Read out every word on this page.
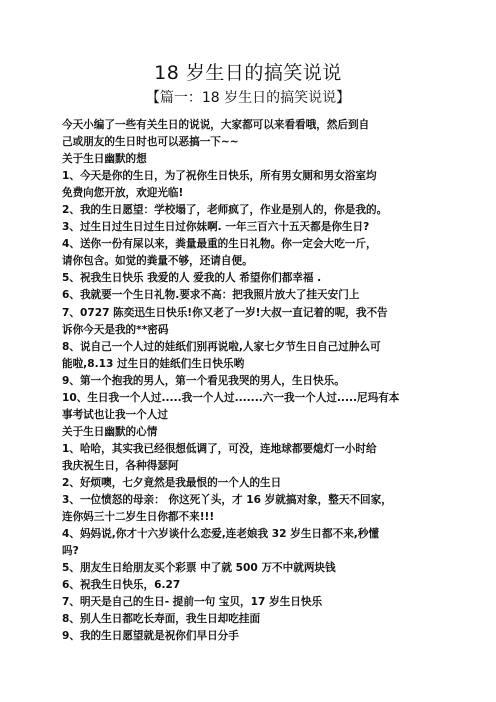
18 岁生日的搞笑说说
【篇一：18 岁生日的搞笑说说】
今天小编了一些有关生日的说说，大家都可以来看看哦，然后到自
己或朋友的生日时也可以恶搞一下~~
关于生日幽默的想
1、今天是你的生日，为了祝你生日快乐，所有男女厕和男女浴室均
免费向您开放，欢迎光临!
2、我的生日愿望：学校塌了，老师疯了，作业是别人的，你是我的。
3、过生日过生日过生日过你妹啊. 一年三百六十五天都是你生日?
4、送你一份有屎以来，粪量最重的生日礼物。你一定会大吃一斤，
请你包含。如觉的粪量不够，还请自便。
5、祝我生日快乐 我爱的人 爱我的人 希望你们都幸福 .
6、我就要一个生日礼物.要求不高：把我照片放大了挂天安门上
7、0727 陈奕迅生日快乐!你又老了一岁!大叔一直记着的呢，我不告
诉你今天是我的**密码
8、说自己一个人过的娃纸们别再说啦,人家七夕节生日自己过肿么可
能啦,8.13 过生日的娃纸们生日快乐哟
9、第一个抱我的男人，第一个看见我哭的男人，生日快乐。
10、生日我一个人过.....我一个人过.......六一我一个人过.....尼玛有本
事考试也让我一个人过
关于生日幽默的心情
1、哈哈，其实我已经很想低调了，可没，连地球都要熄灯一小时给
我庆祝生日，各种得瑟阿
2、好烦噢，七夕竟然是我最恨的一个人的生日
3、一位愤怒的母亲： 你这死丫头，才 16 岁就搞对象，整天不回家，
连你妈三十二岁生日你都不来!!!
4、妈妈说,你才十六岁谈什么恋爱,连老娘我 32 岁生日都不来,秒懂
吗?
5、朋友生日给朋友买个彩票 中了就 500 万不中就两块钱
6、祝我生日快乐，6.27
7、明天是自己的生日- 提前一句 宝贝，17 岁生日快乐
8、别人生日都吃长寿面，我生日却吃挂面
9、我的生日愿望就是祝你们早日分手
